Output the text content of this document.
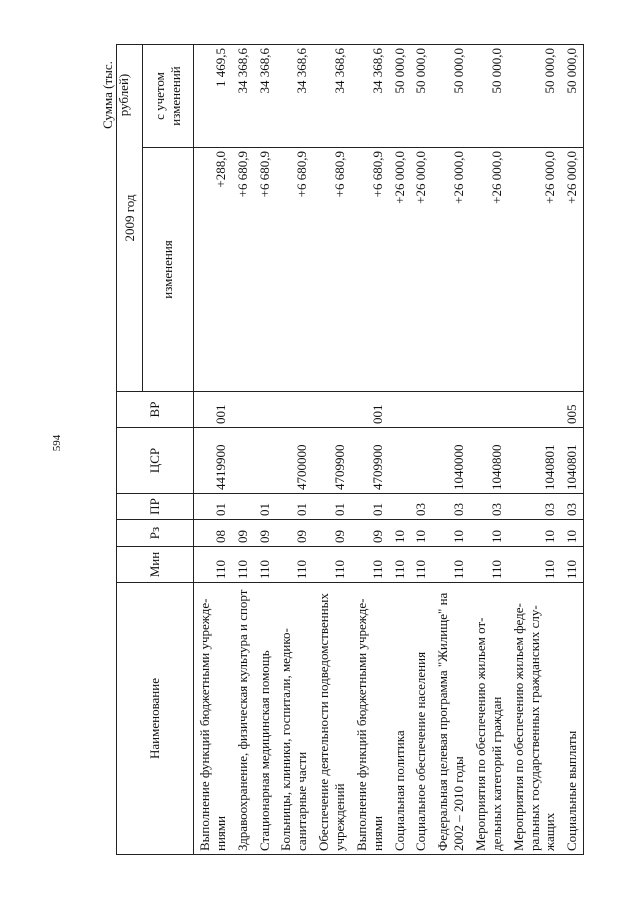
594
Сумма (тыс. рублей)
Наименование	Мин	Рз	ПР	ЦСР	ВР	2009 год	
						изменения	с учетом изменений
Выполнение функций бюджетными учрежде-ниями	110	08	01	4419900	001	+288,0	1 469,5
Здравоохранение, физическая культура и спорт	110	09				+6 680,9	34 368,6
Стационарная медицинская помощь	110	09	01			+6 680,9	34 368,6
Больницы, клиники, госпитали, медико-санитарные части	110	09	01	4700000		+6 680,9	34 368,6
Обеспечение деятельности подведомственных учреждений	110	09	01	4709900		+6 680,9	34 368,6
Выполнение функций бюджетными учрежде-ниями	110	09	01	4709900	001	+6 680,9	34 368,6
Социальная политика	110	10				+26 000,0	50 000,0
Социальное обеспечение населения	110	10	03			+26 000,0	50 000,0
Федеральная целевая программа "Жилище" на 2002 – 2010 годы	110	10	03	1040000		+26 000,0	50 000,0
Мероприятия по обеспечению жильем от-дельных категорий граждан	110	10	03	1040800		+26 000,0	50 000,0
Мероприятия по обеспечению жильем феде-ральных государственных гражданских слу-жащих	110	10	03	1040801		+26 000,0	50 000,0
Социальные выплаты	110	10	03	1040801	005	+26 000,0	50 000,0
